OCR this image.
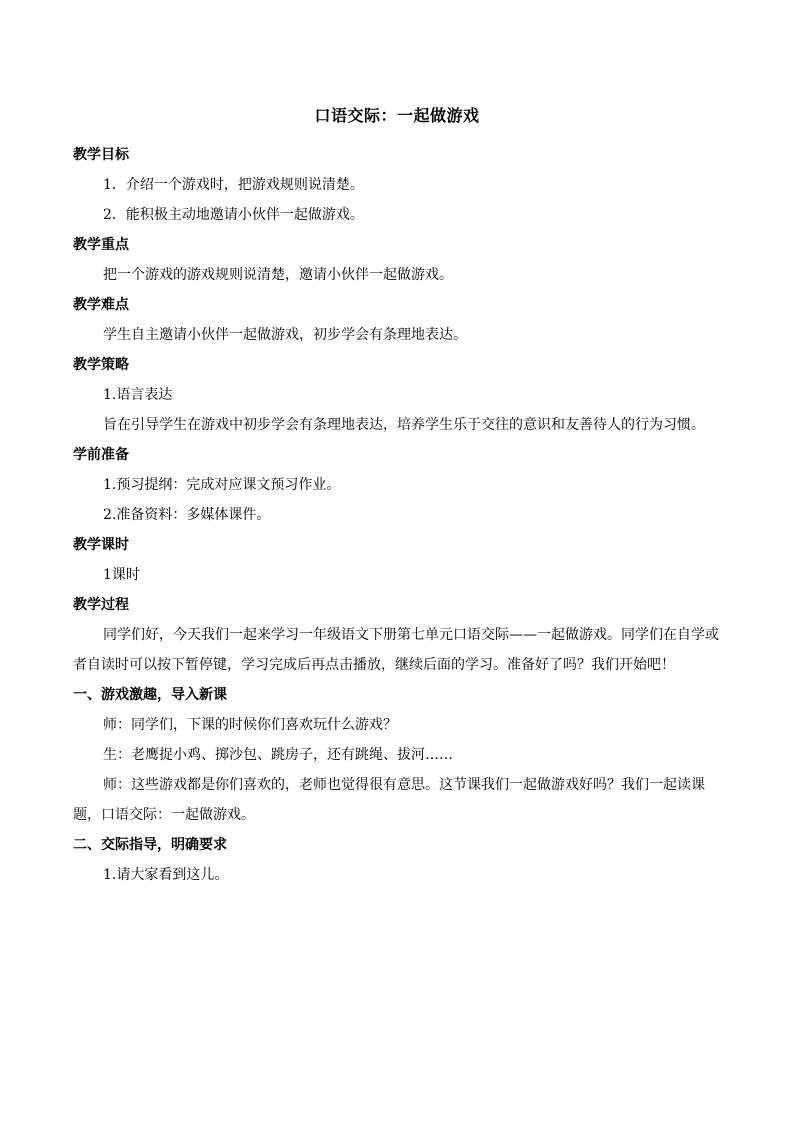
口语交际：一起做游戏
教学目标
1．介绍一个游戏时，把游戏规则说清楚。
2．能积极主动地邀请小伙伴一起做游戏。
教学重点
把一个游戏的游戏规则说清楚，邀请小伙伴一起做游戏。
教学难点
学生自主邀请小伙伴一起做游戏，初步学会有条理地表达。
教学策略
1.语言表达
旨在引导学生在游戏中初步学会有条理地表达，培养学生乐于交往的意识和友善待人的行为习惯。
学前准备
1.预习提纲：完成对应课文预习作业。
2.准备资料：多媒体课件。
教学课时
1课时
教学过程
同学们好，今天我们一起来学习一年级语文下册第七单元口语交际——一起做游戏。同学们在自学或者自读时可以按下暂停键，学习完成后再点击播放，继续后面的学习。准备好了吗？我们开始吧！
一、游戏激趣，导入新课
师：同学们，下课的时候你们喜欢玩什么游戏？
生：老鹰捉小鸡、掷沙包、跳房子，还有跳绳、拔河……
师：这些游戏都是你们喜欢的，老师也觉得很有意思。这节课我们一起做游戏好吗？我们一起读课题，口语交际：一起做游戏。
二、交际指导，明确要求
1.请大家看到这儿。
